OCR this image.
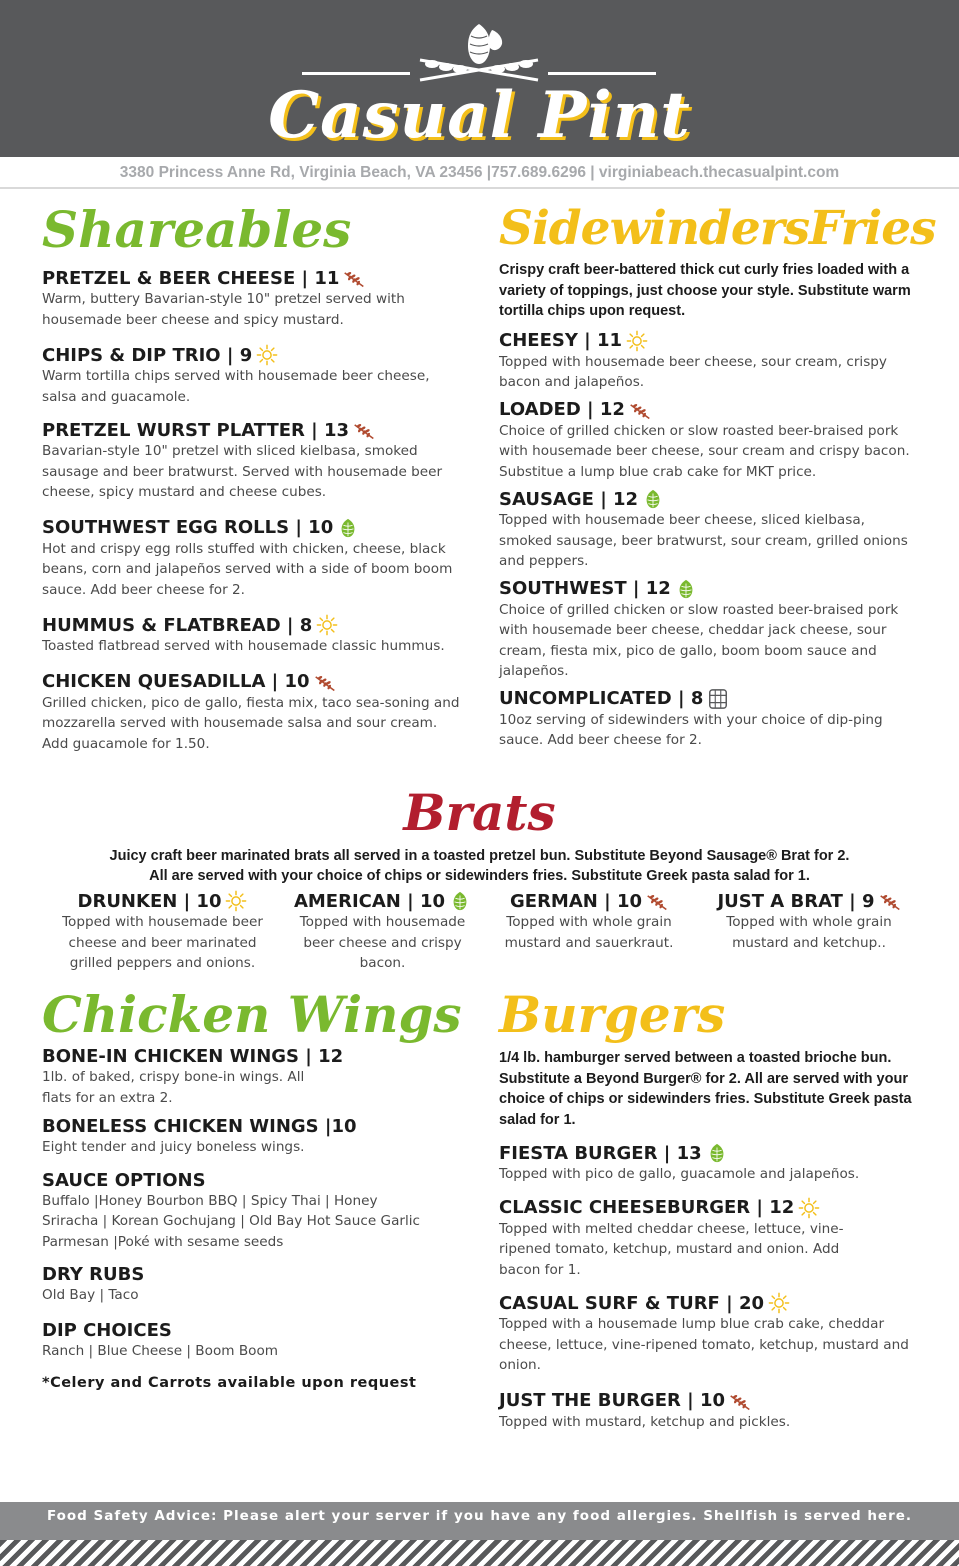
Casual Pint
3380 Princess Anne Rd, Virginia Beach, VA 23456 |757.689.6296 | virginiabeach.thecasualpint.com
Shareables
PRETZEL & BEER CHEESE | 11
Warm, buttery Bavarian-style 10" pretzel served with housemade beer cheese and spicy mustard.
CHIPS & DIP TRIO | 9
Warm tortilla chips served with housemade beer cheese, salsa and guacamole.
PRETZEL WURST PLATTER | 13
Bavarian-style 10" pretzel with sliced kielbasa, smoked sausage and beer bratwurst. Served with housemade beer cheese, spicy mustard and cheese cubes.
SOUTHWEST EGG ROLLS | 10
Hot and crispy egg rolls stuffed with chicken, cheese, black beans, corn and jalapeños served with a side of boom boom sauce. Add beer cheese for 2.
HUMMUS & FLATBREAD | 8
Toasted flatbread served with housemade classic hummus.
CHICKEN QUESADILLA | 10
Grilled chicken, pico de gallo, fiesta mix, taco sea-soning and mozzarella served with housemade salsa and sour cream. Add guacamole for 1.50.
SidewindersFries
Crispy craft beer-battered thick cut curly fries loaded with a variety of toppings, just choose your style. Substitute warm tortilla chips upon request.
CHEESY | 11
Topped with housemade beer cheese, sour cream, crispy bacon and jalapeños.
LOADED | 12
Choice of grilled chicken or slow roasted beer-braised pork with housemade beer cheese, sour cream and crispy bacon. Substitue a lump blue crab cake for MKT price.
SAUSAGE | 12
Topped with housemade beer cheese, sliced kielbasa, smoked sausage, beer bratwurst, sour cream, grilled onions and peppers.
SOUTHWEST | 12
Choice of grilled chicken or slow roasted beer-braised pork with housemade beer cheese, cheddar jack cheese, sour cream, fiesta mix, pico de gallo, boom boom sauce and jalapeños.
UNCOMPLICATED | 8
10oz serving of sidewinders with your choice of dip-ping sauce. Add beer cheese for 2.
Brats
Juicy craft beer marinated brats all served in a toasted pretzel bun. Substitute Beyond Sausage® Brat for 2. All are served with your choice of chips or sidewinders fries. Substitute Greek pasta salad for 1.
DRUNKEN | 10
Topped with housemade beer cheese and beer marinated grilled peppers and onions.
AMERICAN | 10
Topped with housemade beer cheese and crispy bacon.
GERMAN | 10
Topped with whole grain mustard and sauerkraut.
JUST A BRAT | 9
Topped with whole grain mustard and ketchup..
Chicken Wings
BONE-IN CHICKEN WINGS | 12
1lb. of baked, crispy bone-in wings. All flats for an extra 2.
BONELESS CHICKEN WINGS |10
Eight tender and juicy boneless wings.
SAUCE OPTIONS
Buffalo |Honey Bourbon BBQ | Spicy Thai | Honey Sriracha | Korean Gochujang | Old Bay Hot Sauce Garlic Parmesan |Poké with sesame seeds
DRY RUBS
Old Bay | Taco
DIP CHOICES
Ranch | Blue Cheese | Boom Boom
*Celery and Carrots available upon request
Burgers
1/4 lb. hamburger served between a toasted brioche bun. Substitute a Beyond Burger® for 2. All are served with your choice of chips or sidewinders fries. Substitute Greek pasta salad for 1.
FIESTA BURGER | 13
Topped with pico de gallo, guacamole and jalapeños.
CLASSIC CHEESEBURGER | 12
Topped with melted cheddar cheese, lettuce, vine-ripened tomato, ketchup, mustard and onion. Add bacon for 1.
CASUAL SURF & TURF | 20
Topped with a housemade lump blue crab cake, cheddar cheese, lettuce, vine-ripened tomato, ketchup, mustard and onion.
JUST THE BURGER | 10
Topped with mustard, ketchup and pickles.
Food Safety Advice: Please alert your server if you have any food allergies. Shellfish is served here.
